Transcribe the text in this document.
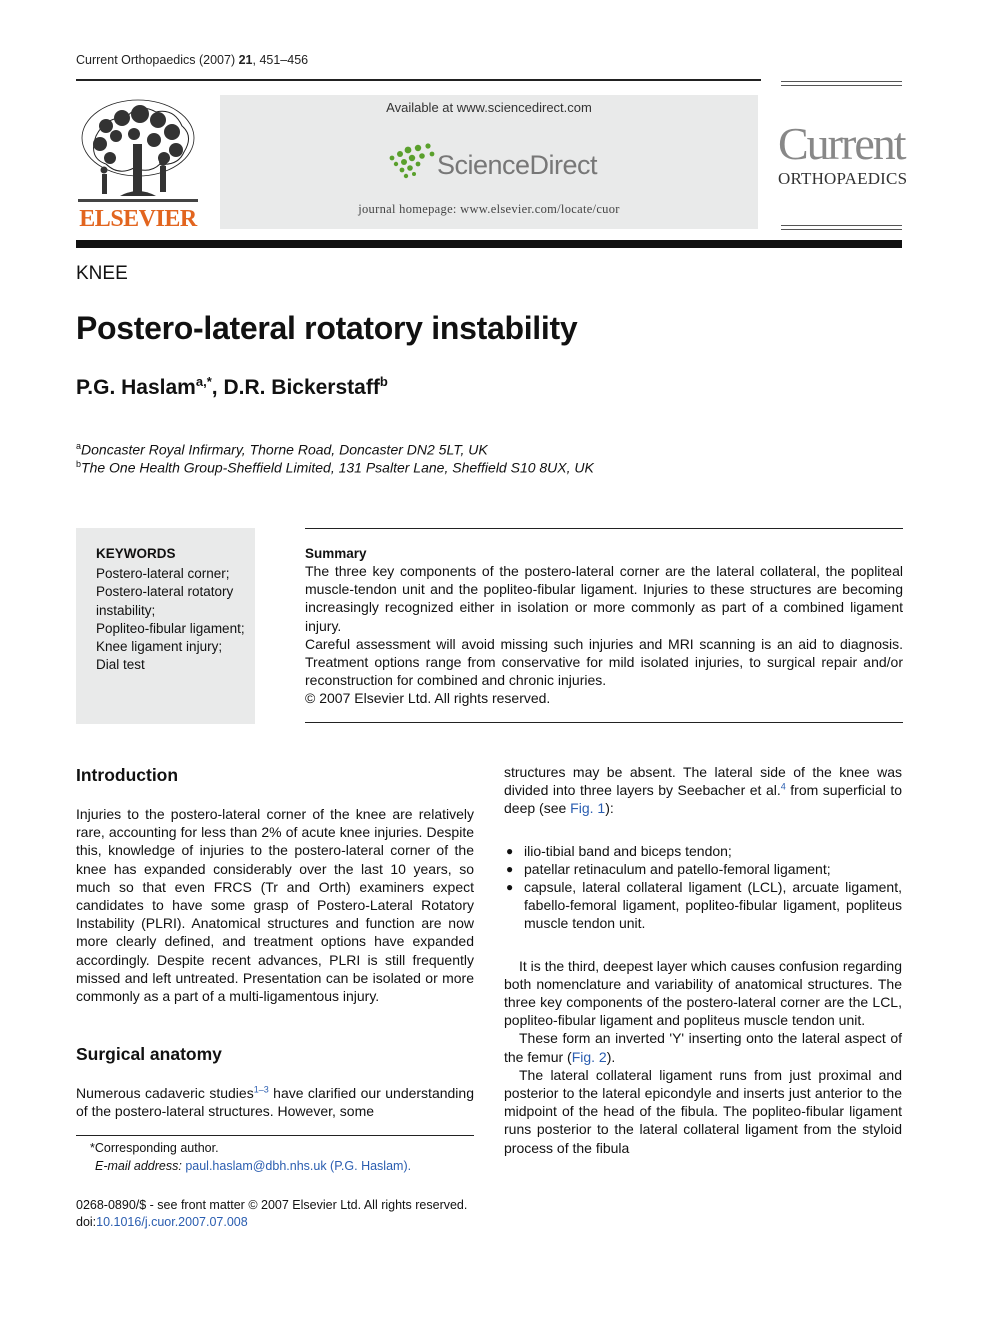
Current Orthopaedics (2007) 21, 451–456
ELSEVIER
Available at www.sciencedirect.com
ScienceDirect
journal homepage: www.elsevier.com/locate/cuor
Current
ORTHOPAEDICS
KNEE
Postero-lateral rotatory instability
P.G. Haslam$^{a,*}$, D.R. Bickerstaff$^b$
$^a$Doncaster Royal Infirmary, Thorne Road, Doncaster DN2 5LT, UK
$^b$The One Health Group-Sheffield Limited, 131 Psalter Lane, Sheffield S10 8UX, UK
KEYWORDS
Postero-lateral corner;
Postero-lateral rotatory instability;
Popliteo-fibular ligament;
Knee ligament injury;
Dial test
Summary

The three key components of the postero-lateral corner are the lateral collateral, the popliteal muscle-tendon unit and the popliteo-fibular ligament. Injuries to these structures are becoming increasingly recognized either in isolation or more commonly as part of a combined ligament injury.

Careful assessment will avoid missing such injuries and MRI scanning is an aid to diagnosis. Treatment options range from conservative for mild isolated injuries, to surgical repair and/or reconstruction for combined and chronic injuries.

© 2007 Elsevier Ltd. All rights reserved.

Introduction

Injuries to the postero-lateral corner of the knee are relatively rare, accounting for less than 2% of acute knee injuries. Despite this, knowledge of injuries to the postero-lateral corner of the knee has expanded considerably over the last 10 years, so much so that even FRCS (Tr and Orth) examiners expect candidates to have some grasp of Postero-Lateral Rotatory Instability (PLRI). Anatomical structures and function are now more clearly defined, and treatment options have expanded accordingly. Despite recent advances, PLRI is still frequently missed and left untreated. Presentation can be isolated or more commonly as a part of a multi-ligamentous injury.

Surgical anatomy

Numerous cadaveric studies$^{1-3}$ have clarified our understanding of the postero-lateral structures. However, some

*Corresponding author.
E-mail address: paul.haslam@dbh.nhs.uk (P.G. Haslam).
0268-0890/$ - see front matter © 2007 Elsevier Ltd. All rights reserved.
doi:10.1016/j.cuor.2007.07.008

structures may be absent. The lateral side of the knee was divided into three layers by Seebacher et al.$^4$ from superficial to deep (see Fig. 1):

● ilio-tibial band and biceps tendon;
● patellar retinaculum and patello-femoral ligament;
● capsule, lateral collateral ligament (LCL), arcuate ligament, fabello-femoral ligament, popliteo-fibular ligament, popliteus muscle tendon unit.

It is the third, deepest layer which causes confusion regarding both nomenclature and variability of anatomical structures. The three key components of the postero-lateral corner are the LCL, popliteo-fibular ligament and popliteus muscle tendon unit.

These form an inverted 'Y' inserting onto the lateral aspect of the femur (Fig. 2).

The lateral collateral ligament runs from just proximal and posterior to the lateral epicondyle and inserts just anterior to the midpoint of the head of the fibula. The popliteo-fibular ligament runs posterior to the lateral collateral ligament from the styloid process of the fibula
